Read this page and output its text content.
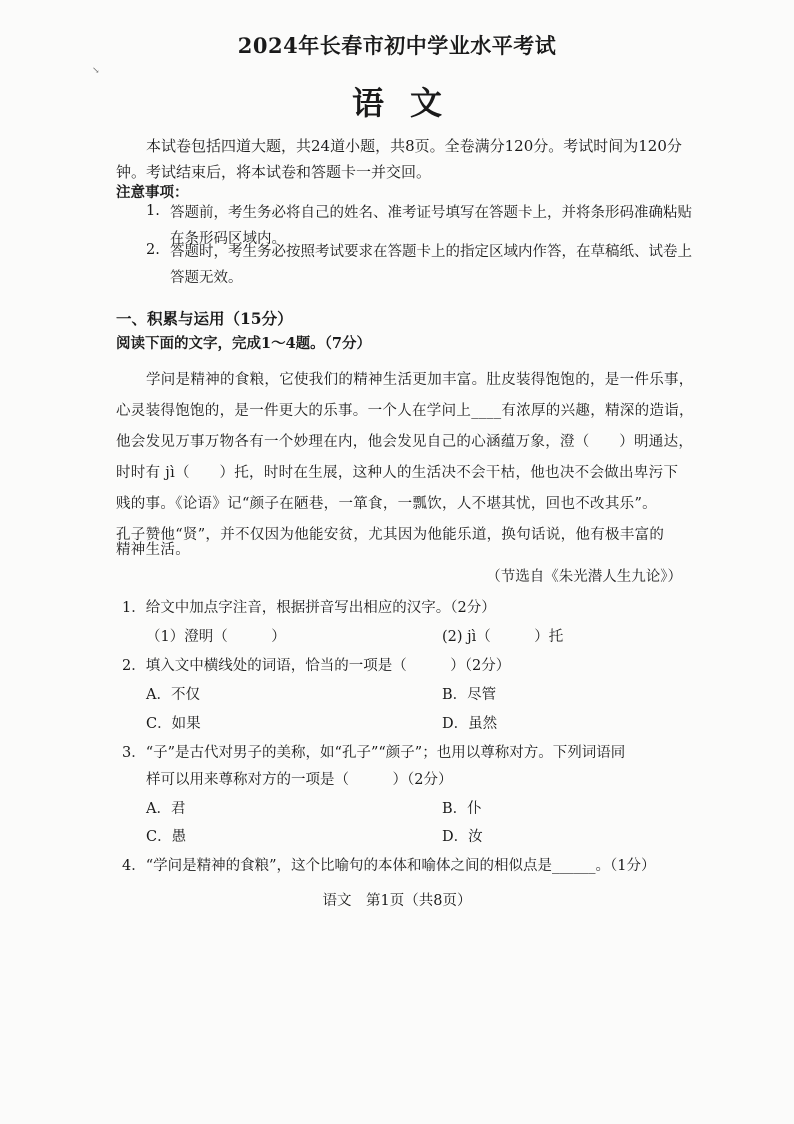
↘
2024年长春市初中学业水平考试
语文
本试卷包括四道大题，共24道小题，共8页。全卷满分120分。考试时间为120分钟。考试结束后，将本试卷和答题卡一并交回。
注意事项：
1. 答题前，考生务必将自己的姓名、准考证号填写在答题卡上，并将条形码准确粘贴在条形码区域内。
2. 答题时，考生务必按照考试要求在答题卡上的指定区域内作答，在草稿纸、试卷上答题无效。
一、积累与运用（15分）
阅读下面的文字，完成1～4题。（7分）
学问是精神的食粮，它使我们的精神生活更加丰富。肚皮装得饱饱的，是一件乐事，
心灵装得饱饱的，是一件更大的乐事。一个人在学问上____有浓厚的兴趣，精深的造诣，
他会发见万事万物各有一个妙理在内，他会发见自己的心涵蕴万象，澄（　　）明通达，
时时有 jì（　　）托，时时在生展，这种人的生活决不会干枯，他也决不会做出卑污下
贱的事。《论语》记“颜子在陋巷，一箪食，一瓢饮，人不堪其忧，回也不改其乐”。
孔子赞他“贤”，并不仅因为他能安贫，尤其因为他能乐道，换句话说，他有极丰富的
精神生活。
（节选自《朱光潜人生九论》）
1．给文中加点字注音，根据拼音写出相应的汉字。（2分）
（1）澄明（　　　）	(2) jì（　　　）托
2．填入文中横线处的词语，恰当的一项是（　　　）（2分）
A．不仅	B．尽管
C．如果	D．虽然
3．“子”是古代对男子的美称，如“孔子”“颜子”；也用以尊称对方。下列词语同
样可以用来尊称对方的一项是（　　　）（2分）
A．君	B．仆
C．愚	D．汝
4．“学问是精神的食粮”，这个比喻句的本体和喻体之间的相似点是______。（1分）
语文　第1页（共8页）
